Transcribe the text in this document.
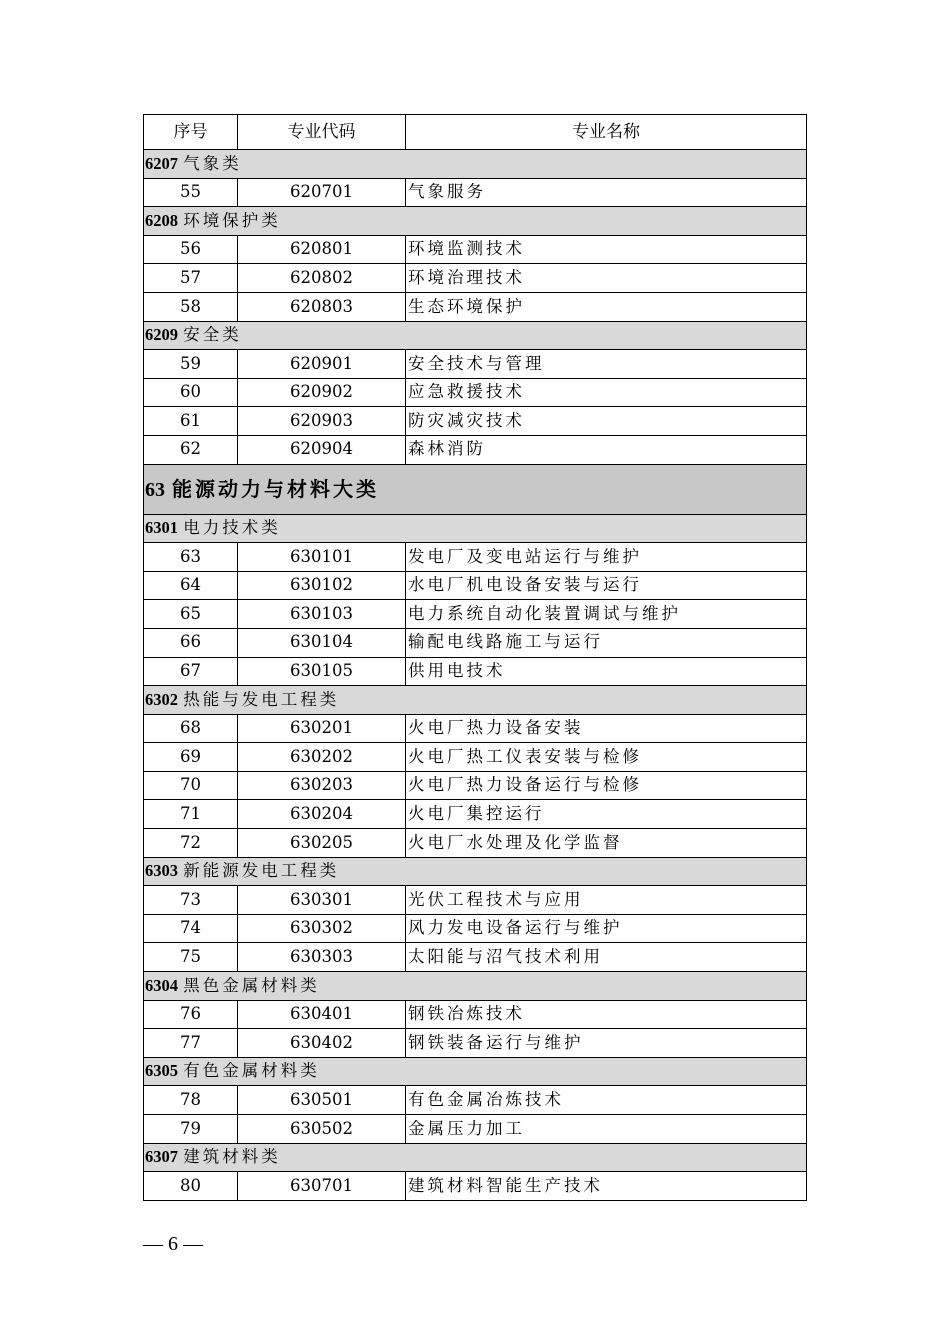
序号	专业代码	专业名称
6207 气象类		
55	620701	气象服务
6208 环境保护类		
56	620801	环境监测技术
57	620802	环境治理技术
58	620803	生态环境保护
6209 安全类		
59	620901	安全技术与管理
60	620902	应急救援技术
61	620903	防灾减灾技术
62	620904	森林消防
63 能源动力与材料大类		
6301 电力技术类		
63	630101	发电厂及变电站运行与维护
64	630102	水电厂机电设备安装与运行
65	630103	电力系统自动化装置调试与维护
66	630104	输配电线路施工与运行
67	630105	供用电技术
6302 热能与发电工程类		
68	630201	火电厂热力设备安装
69	630202	火电厂热工仪表安装与检修
70	630203	火电厂热力设备运行与检修
71	630204	火电厂集控运行
72	630205	火电厂水处理及化学监督
6303 新能源发电工程类		
73	630301	光伏工程技术与应用
74	630302	风力发电设备运行与维护
75	630303	太阳能与沼气技术利用
6304 黑色金属材料类		
76	630401	钢铁冶炼技术
77	630402	钢铁装备运行与维护
6305 有色金属材料类		
78	630501	有色金属冶炼技术
79	630502	金属压力加工
6307 建筑材料类		
80	630701	建筑材料智能生产技术
— 6 —
